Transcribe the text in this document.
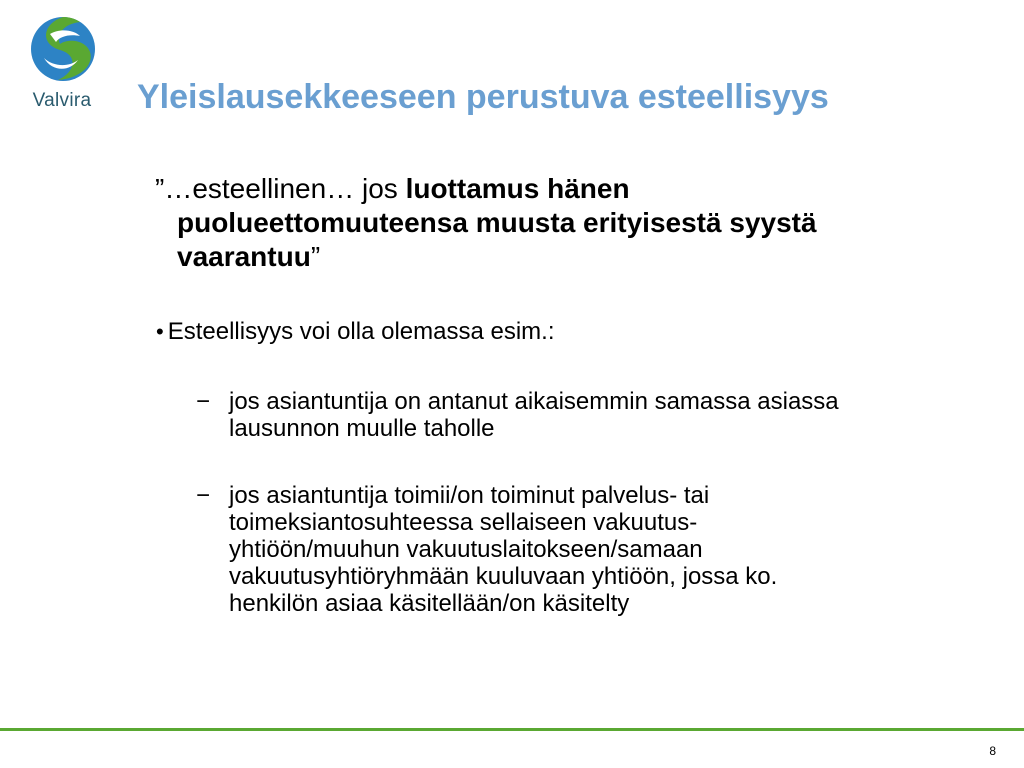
Valvira	Yleislausekkeeseen perustuva esteellisyys
”…esteellinen… jos luottamus hänen
puolueettomuuteensa muusta erityisestä syystä
vaarantuu”
• Esteellisyys voi olla olemassa esim.:
− jos asiantuntija on antanut aikaisemmin samassa asiassa
lausunnon muulle taholle
− jos asiantuntija toimii/on toiminut palvelus- tai
toimeksiantosuhteessa sellaiseen vakuutus-
yhtiöön/muuhun vakuutuslaitokseen/samaan
vakuutusyhtiöryhmään kuuluvaan yhtiöön, jossa ko.
henkilön asiaa käsitellään/on käsitelty
8
